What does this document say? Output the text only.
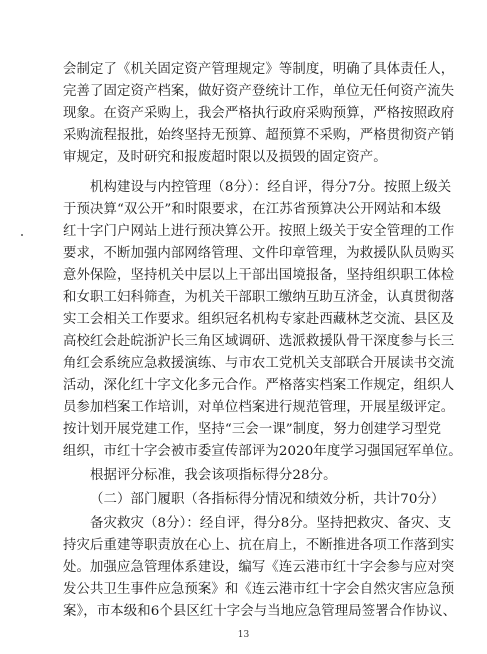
会制定了《机关固定资产管理规定》等制度，明确了具体责任人，
完善了固定资产档案，做好资产登统计工作，单位无任何资产流失
现象。在资产采购上，我会严格执行政府采购预算，严格按照政府
采购流程报批，始终坚持无预算、超预算不采购，严格贯彻资产销
审规定，及时研究和报废超时限以及损毁的固定资产。
机构建设与内控管理（8分）：经自评，得分7分。按照上级关
于预决算“双公开”和时限要求，在江苏省预算决公开网站和本级
红十字门户网站上进行预决算公开。按照上级关于安全管理的工作
要求，不断加强内部网络管理、文件印章管理，为救援队队员购买
意外保险，坚持机关中层以上干部出国境报备，坚持组织职工体检
和女职工妇科筛查，为机关干部职工缴纳互助互济金，认真贯彻落
实工会相关工作要求。组织冠名机构专家赴西藏林芝交流、县区及
高校红会赴皖浙沪长三角区域调研、选派救援队骨干深度参与长三
角红会系统应急救援演练、与市农工党机关支部联合开展读书交流
活动，深化红十字文化多元合作。严格落实档案工作规定，组织人
员参加档案工作培训，对单位档案进行规范管理，开展星级评定。
按计划开展党建工作，坚持“三会一课”制度，努力创建学习型党
组织，市红十字会被市委宣传部评为2020年度学习强国冠军单位。
根据评分标准，我会该项指标得分28分。
（二）部门履职（各指标得分情况和绩效分析，共计70分）
备灾救灾（8分）：经自评，得分8分。坚持把救灾、备灾、支
持灾后重建等职责放在心上、抗在肩上，不断推进各项工作落到实
处。加强应急管理体系建设，编写《连云港市红十字会参与应对突
发公共卫生事件应急预案》和《连云港市红十字会自然灾害应急预
案》，市本级和6个县区红十字会与当地应急管理局签署合作协议、
13
